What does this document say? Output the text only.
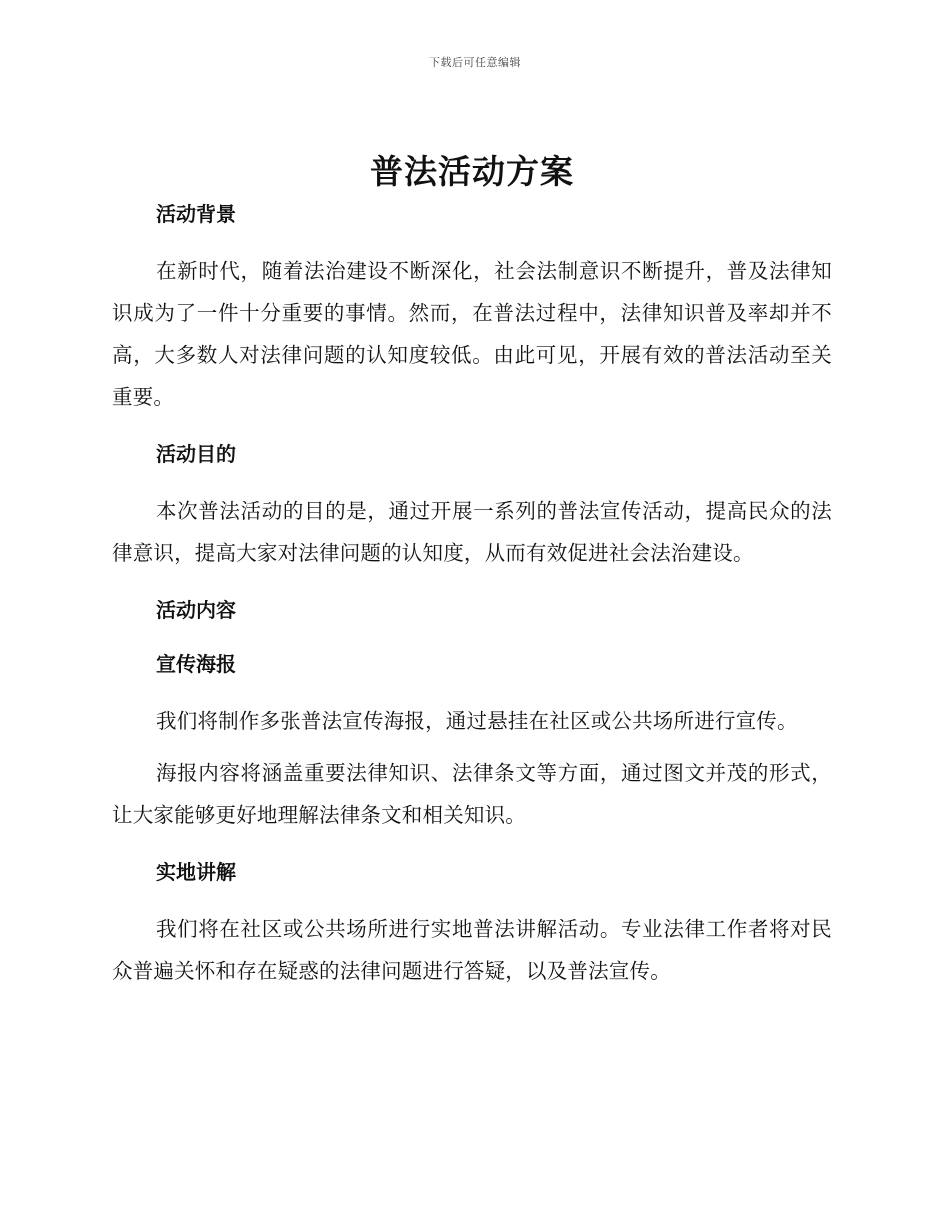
下载后可任意编辑
普法活动方案

活动背景

在新时代，随着法治建设不断深化，社会法制意识不断提升，普及法律知识成为了一件十分重要的事情。然而，在普法过程中，法律知识普及率却并不高，大多数人对法律问题的认知度较低。由此可见，开展有效的普法活动至关重要。

活动目的

本次普法活动的目的是，通过开展一系列的普法宣传活动，提高民众的法律意识，提高大家对法律问题的认知度，从而有效促进社会法治建设。

活动内容

宣传海报

我们将制作多张普法宣传海报，通过悬挂在社区或公共场所进行宣传。

海报内容将涵盖重要法律知识、法律条文等方面，通过图文并茂的形式，让大家能够更好地理解法律条文和相关知识。

实地讲解

我们将在社区或公共场所进行实地普法讲解活动。专业法律工作者将对民众普遍关怀和存在疑惑的法律问题进行答疑，以及普法宣传。
